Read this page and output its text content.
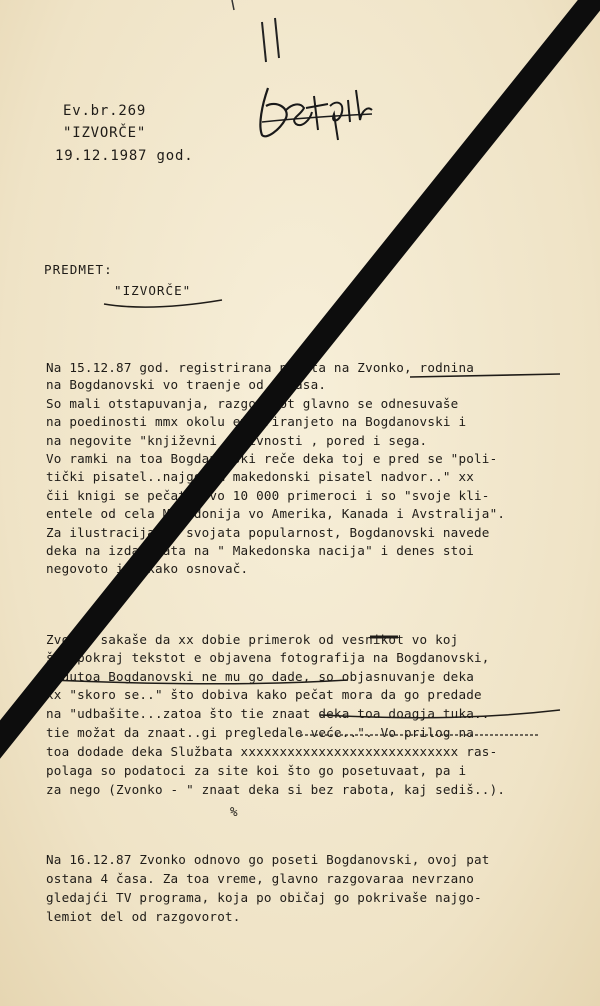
Ev.br.269
"IZVORČE"
19.12.1987 god.
PREDMET:
"IZVORČE"
Na 15.12.87 god. registrirana poseta na Zvonko, rodnina
na Bogdanovski vo traenje od 3 časa.
So mali otstapuvanja, razgovorot glavno se odnesuvaše
na poedinosti mmx okolu emigriranjeto na Bogdanovski i
na negovite "književni aktivnosti , pored i sega.
Vo ramki na toa Bogdanovski reče deka toj e pred se "poli-
tički pisatel..najgolem makedonski pisatel nadvor.." xx
čii knigi se pečatat vo 10 000 primeroci i so "svoje kli-
entele od cela Makedonija vo Amerika, Kanada i Avstralija".
Za ilustracija na svojata popularnost, Bogdanovski navede
deka na izdanijata na " Makedonska nacija" i denes stoi
negovoto ime kako osnovač.
Zvonko sakaše da xx dobie primerok od vesnikot vo koj
što pokraj tekstot e objavena fotografija na Bogdanovski,
međutoa Bogdanovski ne mu go dade, so objasnuvanje deka
xx "skoro se.." što dobiva kako pečat mora da go predade
na "udbašite...zatoa što tie znaat deka toa doagja tuka..
tie možat da znaat..gi pregledale veće..". Vo prilog na
toa dodade deka Službata xxxxxxxxxxxxxxxxxxxxxxxxxxxx ras-
polaga so podatoci za site koi što go posetuvaat, pa i
za nego (Zvonko - " znaat deka si bez rabota, kaj sediš..).
%
Na 16.12.87 Zvonko odnovo go poseti Bogdanovski, ovoj pat
ostana 4 časa. Za toa vreme, glavno razgovaraa nevrzano
gledajći TV programa, koja po običaj go pokrivaše najgo-
lemiot del od razgovorot.
